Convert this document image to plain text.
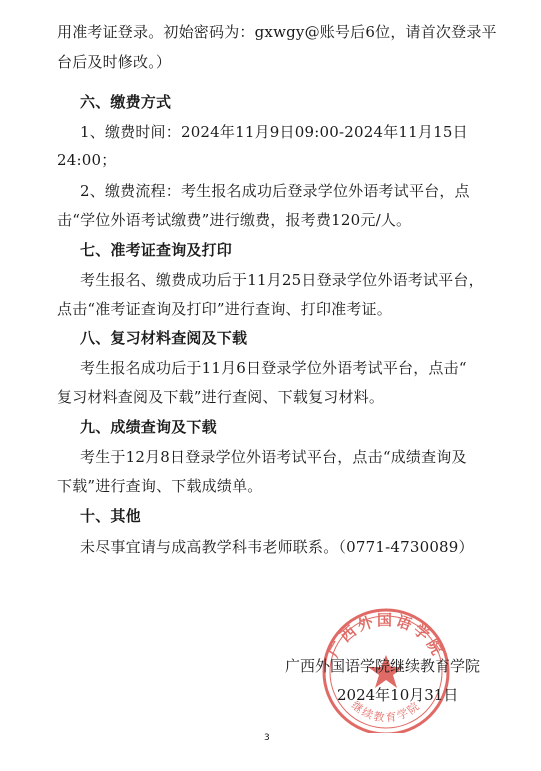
用准考证登录。初始密码为：gxwgy@账号后6位，请首次登录平
台后及时修改。）
六、缴费方式
1、缴费时间：2024年11月9日09:00-2024年11月15日
24:00；
2、缴费流程：考生报名成功后登录学位外语考试平台，点
击“学位外语考试缴费”进行缴费，报考费120元/人。
七、准考证查询及打印
考生报名、缴费成功后于11月25日登录学位外语考试平台，
点击“准考证查询及打印”进行查询、打印准考证。
八、复习材料查阅及下载
考生报名成功后于11月6日登录学位外语考试平台，点击“
复习材料查阅及下载”进行查阅、下载复习材料。
九、成绩查询及下载
考生于12月8日登录学位外语考试平台，点击“成绩查询及
下载”进行查询、下载成绩单。
十、其他
未尽事宜请与成高教学科韦老师联系。（0771-4730089）
广西外国语学院
继续教育学院
广西外国语学院继续教育学院
2024年10月31日
3
